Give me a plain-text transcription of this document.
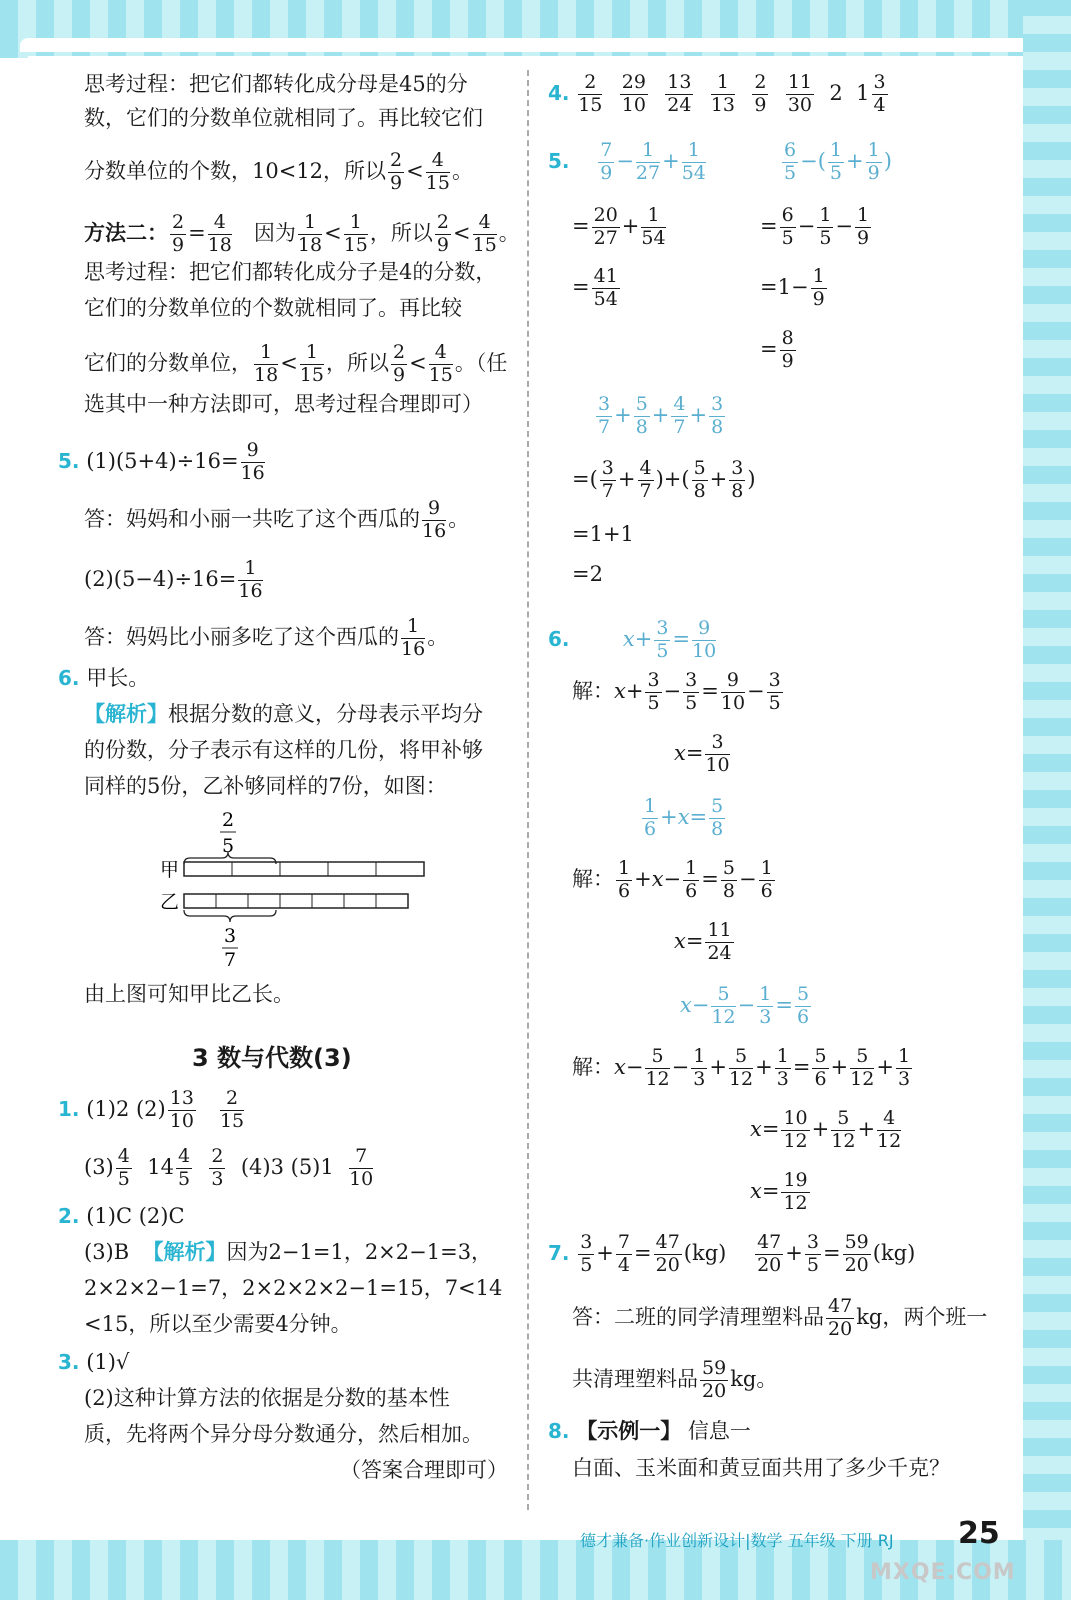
思考过程：把它们都转化成分母是45的分
数，它们的分数单位就相同了。再比较它们
分数单位的个数，10<12，所以 $\frac{2}{9} < \frac{4}{15}$ 。
方法二： $\frac{2}{9} = \frac{4}{18}$ 因为 $\frac{1}{18} < \frac{1}{15}$ ，所以 $\frac{2}{9} < \frac{4}{15}$ 。
思考过程：把它们都转化成分子是4的分数，
它们的分数单位的个数就相同了。再比较
它们的分数单位， $\frac{1}{18} < \frac{1}{15}$ ，所以 $\frac{2}{9} < \frac{4}{15}$ 。（任
选其中一种方法即可，思考过程合理即可）
5. $(1)(5+4)\div 16= \frac{9}{16}$
答：妈妈和小丽一共吃了这个西瓜的 $\frac{9}{16}$ 。
$(2)(5-4)\div 16= \frac{1}{16}$
答：妈妈比小丽多吃了这个西瓜的 $\frac{1}{16}$ 。
6. 甲长。
【解析】根据分数的意义，分母表示平均分
的份数，分子表示有这样的几份，将甲补够
同样的5份，乙补够同样的7份，如图：
2
5
甲
乙
3
7
由上图可知甲比乙长。
3 数与代数(3)
1. (1)2 $(2) \frac{13}{10}$
$\frac{2}{15}$
$(3) \frac{4}{5} 14 \frac{4}{5}$
$\frac{2}{3} (4)3$ $(5)1 \frac{7}{10}$
2. (1)C (2)C
(3)B 【解析】因为2−1=1，2×2−1=3，
2×2×2−1=7，2×2×2×2−1=15，7<14
<15，所以至少需要4分钟。
3. (1)√
(2)这种计算方法的依据是分数的基本性
质，先将两个异分母分数通分，然后相加。
（答案合理即可）
4. $\frac{2}{15}$
$\frac{29}{10}$
$\frac{13}{24}$
$\frac{1}{13}$
$\frac{2}{9}$
$\frac{11}{30} 2$ $1 \frac{3}{4}$
5. $\frac{7}{9} - \frac{1}{27} + \frac{1}{54}$	$\frac{6}{5}$ −( $\frac{1}{5} + \frac{1}{9}$ )
= $\frac{20}{27} + \frac{1}{54}$	= $\frac{6}{5} - \frac{1}{5} - \frac{1}{9}$
= $\frac{41}{54}$	$=1- \frac{1}{9}$
= $\frac{8}{9}$
$\frac{3}{7} + \frac{5}{8} + \frac{4}{7} + \frac{3}{8}$
=( $\frac{3}{7} + \frac{4}{7}$ )+( $\frac{5}{8} + \frac{3}{8}$ )
=1+1
=2
6.	$x+ \frac{3}{5} = \frac{9}{10}$
解：$x+ \frac{3}{5} - \frac{3}{5} = \frac{9}{10} - \frac{3}{5}$
$x= \frac{3}{10}$
$\frac{1}{6} +x= \frac{5}{8}$
解： $\frac{1}{6} +x- \frac{1}{6} = \frac{5}{8} - \frac{1}{6}$
$x= \frac{11}{24}$
$x- \frac{5}{12} - \frac{1}{3} = \frac{5}{6}$
解：$x- \frac{5}{12} - \frac{1}{3} + \frac{5}{12} + \frac{1}{3} = \frac{5}{6} + \frac{5}{12} + \frac{1}{3}$
$x= \frac{10}{12} + \frac{5}{12} + \frac{4}{12}$
$x= \frac{19}{12}$
7. $\frac{3}{5} + \frac{7}{4} = \frac{47}{20} (kg) \frac{47}{20} + \frac{3}{5} = \frac{59}{20} (kg)$
答：二班的同学清理塑料品 $\frac{47}{20}$ kg，两个班一
共清理塑料品 $\frac{59}{20}$ kg。
8. 【示例一】 信息一
白面、玉米面和黄豆面共用了多少千克？
德才兼备·作业创新设计|数学 五年级 下册 RJ 25
MXQE.COM
